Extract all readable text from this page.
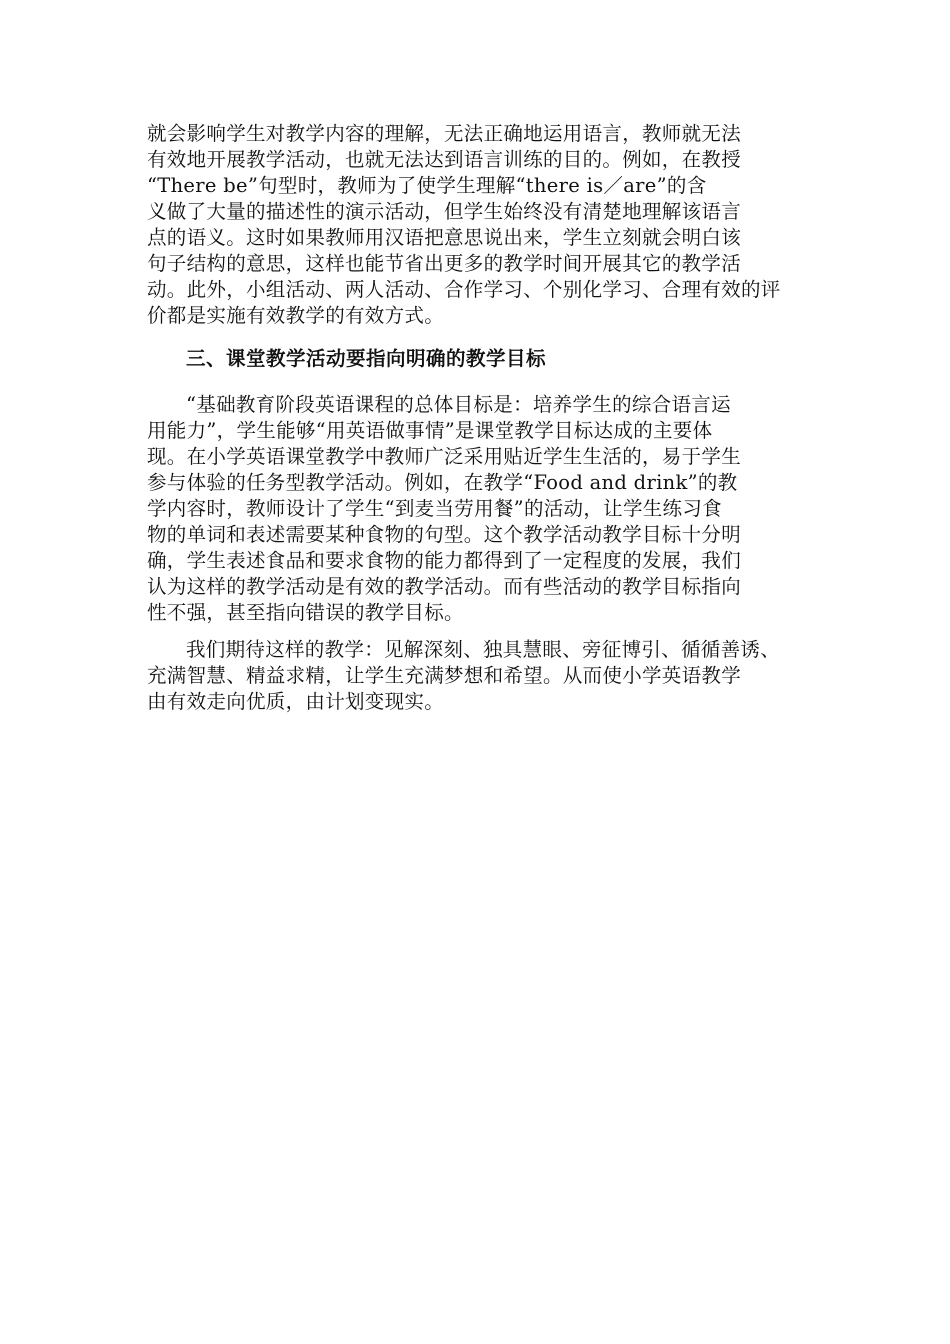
就会影响学生对教学内容的理解，无法正确地运用语言，教师就无法
有效地开展教学活动，也就无法达到语言训练的目的。例如，在教授
“There be”句型时，教师为了使学生理解“there is／are”的含
义做了大量的描述性的演示活动，但学生始终没有清楚地理解该语言
点的语义。这时如果教师用汉语把意思说出来，学生立刻就会明白该
句子结构的意思，这样也能节省出更多的教学时间开展其它的教学活
动。此外，小组活动、两人活动、合作学习、个别化学习、合理有效的评
价都是实施有效教学的有效方式。
三、课堂教学活动要指向明确的教学目标
“基础教育阶段英语课程的总体目标是：培养学生的综合语言运
用能力”，学生能够“用英语做事情”是课堂教学目标达成的主要体
现。在小学英语课堂教学中教师广泛采用贴近学生生活的，易于学生
参与体验的任务型教学活动。例如，在教学“Food and drink”的教
学内容时，教师设计了学生“到麦当劳用餐”的活动，让学生练习食
物的单词和表述需要某种食物的句型。这个教学活动教学目标十分明
确，学生表述食品和要求食物的能力都得到了一定程度的发展，我们
认为这样的教学活动是有效的教学活动。而有些活动的教学目标指向
性不强，甚至指向错误的教学目标。
我们期待这样的教学：见解深刻、独具慧眼、旁征博引、循循善诱、
充满智慧、精益求精，让学生充满梦想和希望。从而使小学英语教学
由有效走向优质，由计划变现实。
